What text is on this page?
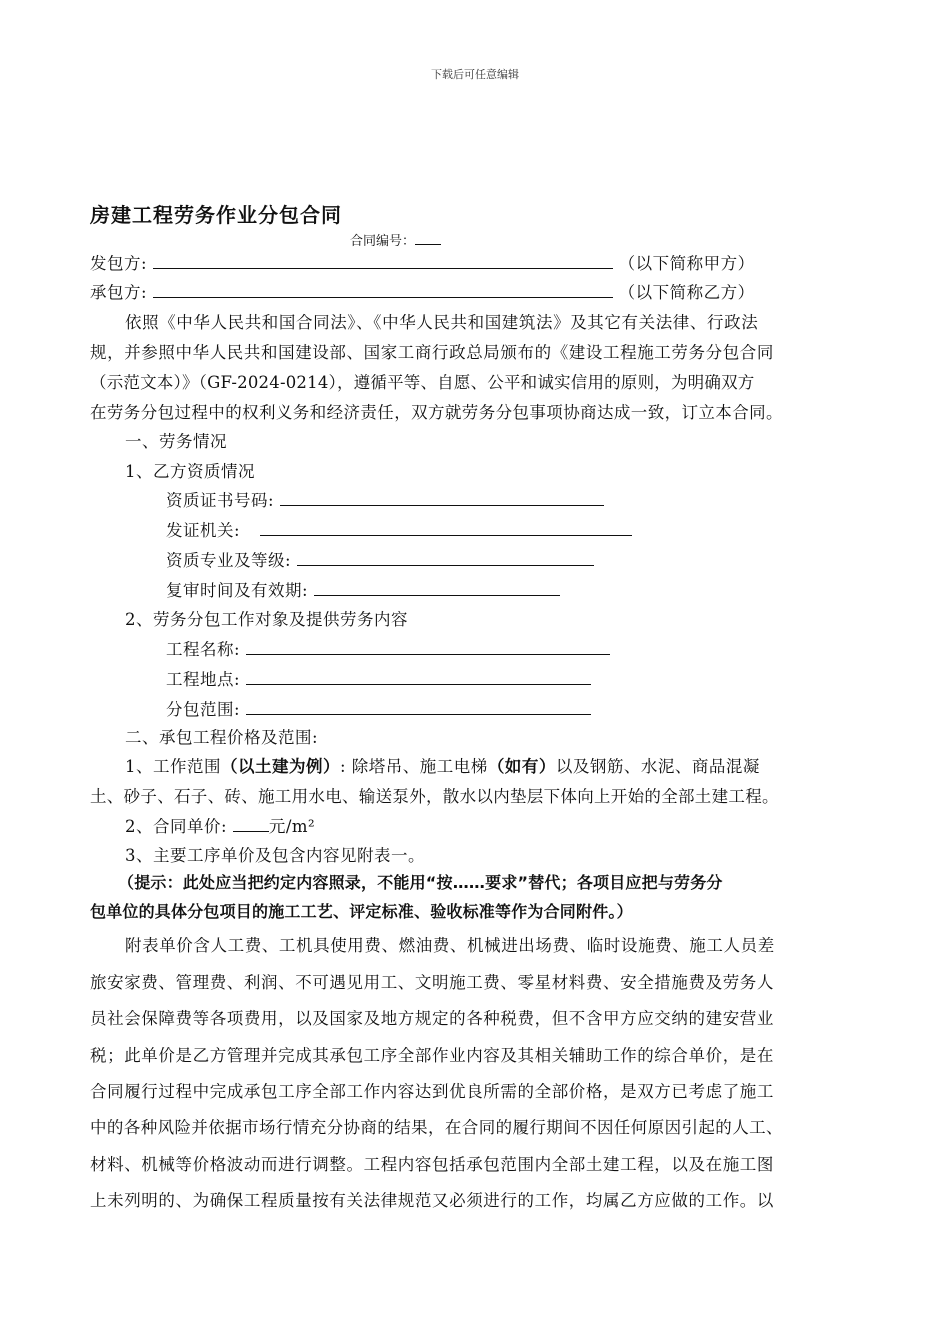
下载后可任意编辑
房建工程劳务作业分包合同
合同编号：
发包方:	（以下简称甲方）
承包方:	（以下简称乙方）
依照《中华人民共和国合同法》、《中华人民共和国建筑法》及其它有关法律、行政法
规，并参照中华人民共和国建设部、国家工商行政总局颁布的《建设工程施工劳务分包合同
（示范文本）》（GF-2024-0214），遵循平等、自愿、公平和诚实信用的原则，为明确双方
在劳务分包过程中的权利义务和经济责任，双方就劳务分包事项协商达成一致，订立本合同。
一、劳务情况
1、乙方资质情况
资质证书号码:
发证机关:
资质专业及等级:
复审时间及有效期:
2、劳务分包工作对象及提供劳务内容
工程名称:
工程地点:
分包范围:
二、承包工程价格及范围:
1、工作范围（以土建为例）: 除塔吊、施工电梯（如有）以及钢筋、水泥、商品混凝
土、砂子、石子、砖、施工用水电、输送泵外，散水以内垫层下体向上开始的全部土建工程。
2、合同单价:	元/m²
3、主要工序单价及包含内容见附表一。
（提示：此处应当把约定内容照录，不能用“按……要求”替代；各项目应把与劳务分
包单位的具体分包项目的施工工艺、评定标准、验收标准等作为合同附件。）
附表单价含人工费、工机具使用费、燃油费、机械进出场费、临时设施费、施工人员差
旅安家费、管理费、利润、不可遇见用工、文明施工费、零星材料费、安全措施费及劳务人
员社会保障费等各项费用，以及国家及地方规定的各种税费，但不含甲方应交纳的建安营业
税；此单价是乙方管理并完成其承包工序全部作业内容及其相关辅助工作的综合单价，是在
合同履行过程中完成承包工序全部工作内容达到优良所需的全部价格，是双方已考虑了施工
中的各种风险并依据市场行情充分协商的结果，在合同的履行期间不因任何原因引起的人工、
材料、机械等价格波动而进行调整。工程内容包括承包范围内全部土建工程，以及在施工图
上未列明的、为确保工程质量按有关法律规范又必须进行的工作，均属乙方应做的工作。以
